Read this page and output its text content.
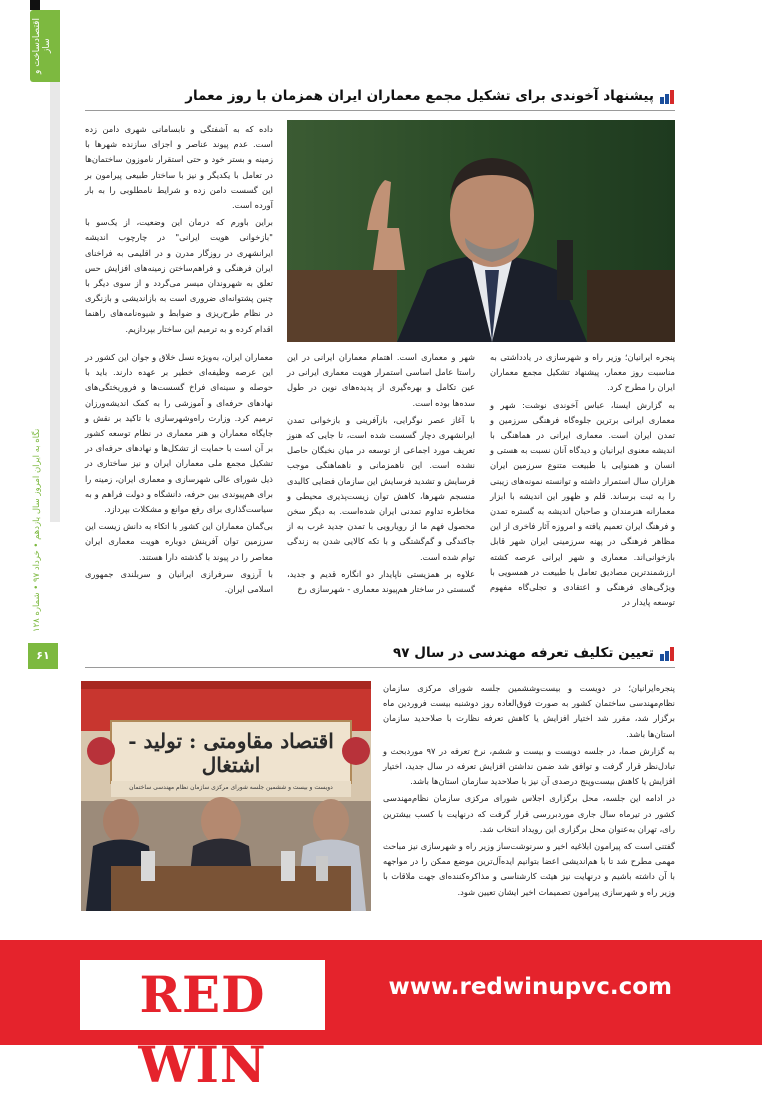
اقتصادساخت و ساز
نگاه به ایران امروز سال یازدهم • خرداد ۹۷ • شماره ۱۲۸
۶۱
پیشنهاد آخوندی برای تشکیل مجمع معماران ایران همزمان با روز معمار

پنجره ایرانیان؛ وزیر راه و شهرسازی در یادداشتی به مناسبت روز معمار، پیشنهاد تشکیل مجمع معماران ایران را مطرح کرد.

به گزارش ایسنا، عباس آخوندی نوشت: شهر و معماری ایرانی برترین جلوه‌گاه فرهنگی سرزمین و تمدن ایران است. معماری ایرانی در هماهنگی با اندیشه معنوی ایرانیان و دیدگاه آنان نسبت به هستی و انسان و همنوایی با طبیعت متنوع سرزمین ایران هزاران سال استمرار داشته و توانسته نمونه‌های زیبنی را به ثبت برساند. قلم و ظهور این اندیشه با ابزار معمارانه هنرمندان و صاحبان اندیشه به گستره تمدن و فرهنگ ایران تعمیم یافته و امروزه آثار فاخری از این مظاهر فرهنگی در پهنه سرزمینی ایران شهر قابل بازخوانی‌اند. معماری و شهر ایرانی عرصه کشته ارزشمندترین مصادیق تعامل با طبیعت در همسویی با ویژگی‌های فرهنگی و اعتقادی و تجلی‌گاه مفهوم توسعه پایدار در

شهر و معماری است. اهتمام معماران ایرانی در این راستا عامل اساسی استمرار هویت معماری ایرانی در عین تکامل و بهره‌گیری از پدیده‌های نوین در طول سده‌ها بوده است.

با آغاز عصر نوگرایی، بازآفرینی و بازخوانی تمدن ایرانشهری دچار گسست شده است، تا جایی که هنوز تعریف مورد اجماعی از توسعه در میان نخبگان حاصل نشده است. این ناهمزمانی و ناهماهنگی موجب فرسایش و تشدید فرسایش این سازمان فضایی کالبدی منسجم شهرها، کاهش توان زیست‌پذیری محیطی و مخاطره تداوم تمدنی ایران شده‌است. به دیگر سخن محصول فهم ما از رویارویی با تمدن جدید غرب به از جاکندگی و گم‌گشتگی و با تکه کالایی شدن به زندگی توام شده است.

علاوه بر همزیستی ناپایدار دو انگاره قدیم و جدید، گسستی در ساختار هم‌پیوند معماری - شهرسازی رخ

داده که به آشفتگی و نابسامانی شهری دامن زده است. عدم پیوند عناصر و اجزای سازنده شهرها با زمینه و بستر خود و حتی استقرار ناموزون ساختمان‌ها در تعامل با یکدیگر و نیز با ساختار طبیعی پیرامون بر این گسست دامن زده و شرایط نامطلوبی را به بار آورده است.

براین باورم که درمان این وضعیت، از یک‌سو با "بازخوانی هویت ایرانی" در چارچوب اندیشه ایرانشهری در روزگار مدرن و در اقلیمی به فراخنای ایران فرهنگی و فراهم‌ساختن زمینه‌های افزایش حس تعلق به شهروندان میسر می‌گردد و از سوی دیگر با چنین پشتوانه‌ای ضروری است به بازاندیشی و بازنگری در نظام طرح‌ریزی و ضوابط و شیوه‌نامه‌های راهنما اقدام کرده و به ترمیم این ساختار بپردازیم.

معماران ایران، به‌ویژه نسل خلاق و جوان این کشور در این عرصه وظیفه‌ای خطیر بر عهده دارند. باید با حوصله و سینه‌ای فراخ گسست‌ها و فروریختگی‌های نهادهای حرفه‌ای و آموزشی را به کمک اندیشه‌ورزان ترمیم کرد. وزارت راه‌وشهرسازی با تاکید بر نقش و جایگاه معماران و هنر معماری در نظام توسعه کشور بر آن است با حمایت از تشکل‌ها و نهادهای حرفه‌ای در تشکیل مجمع ملی معماران ایران و نیز ساختاری در ذیل شورای عالی شهرسازی و معماری ایران، زمینه را برای هم‌پیوندی بین حرفه، دانشگاه و دولت فراهم و به سیاست‌گذاری برای رفع موانع و مشکلات بپردازد.

بی‌گمان معماران این کشور با اتکاء به دانش زیست این سرزمین توان آفرینش دوباره هویت معماری ایران معاصر را در پیوند با گذشته دارا هستند.

با آرزوی سرفرازی ایرانیان و سربلندی جمهوری اسلامی ایران.

تعیین تکلیف تعرفه مهندسی در سال ۹۷
اقتصاد مقاومتی : تولید - اشتغال
دویست و بیست و ششمین جلسه شورای مرکزی سازمان نظام مهندسی ساختمان

پنجره‌ایرانیان؛ در دویست و بیست‌وششمین جلسه شورای مرکزی سازمان نظام‌مهندسی ساختمان کشور به صورت فوق‌العاده روز دوشنبه بیست فروردین ماه برگزار شد، مقرر شد اختیار افزایش یا کاهش تعرفه نظارت با صلاحدید سازمان استان‌ها باشد.

به گزارش صما، در جلسه دویست و بیست و ششم، نرخ تعرفه در ۹۷ موردبحث و تبادل‌نظر قرار گرفت و توافق شد ضمن نداشتن افزایش تعرفه در سال جدید، اختیار افزایش یا کاهش بیست‌وپنج درصدی آن نیز با صلاحدید سازمان استان‌ها باشد.

در ادامه این جلسه، محل برگزاری اجلاس شورای مرکزی سازمان نظام‌مهندسی کشور در تیرماه سال جاری موردبررسی قرار گرفت که درنهایت با کسب بیشترین رای، تهران به‌عنوان محل برگزاری این رویداد انتخاب شد.

گفتنی است که پیرامون ابلاغیه اخیر و سرنوشت‌ساز وزیر راه و شهرسازی نیز مباحث مهمی مطرح شد تا با هم‌اندیشی اعضا بتوانیم ایده‌آل‌ترین موضع ممکن را در مواجهه با آن داشته باشیم و درنهایت نیز هیئت کارشناسی و مذاکره‌کننده‌ای جهت ملاقات با وزیر راه و شهرسازی پیرامون تصمیمات اخیر ایشان تعیین شود.

RED WIN
www.redwinupvc.com
